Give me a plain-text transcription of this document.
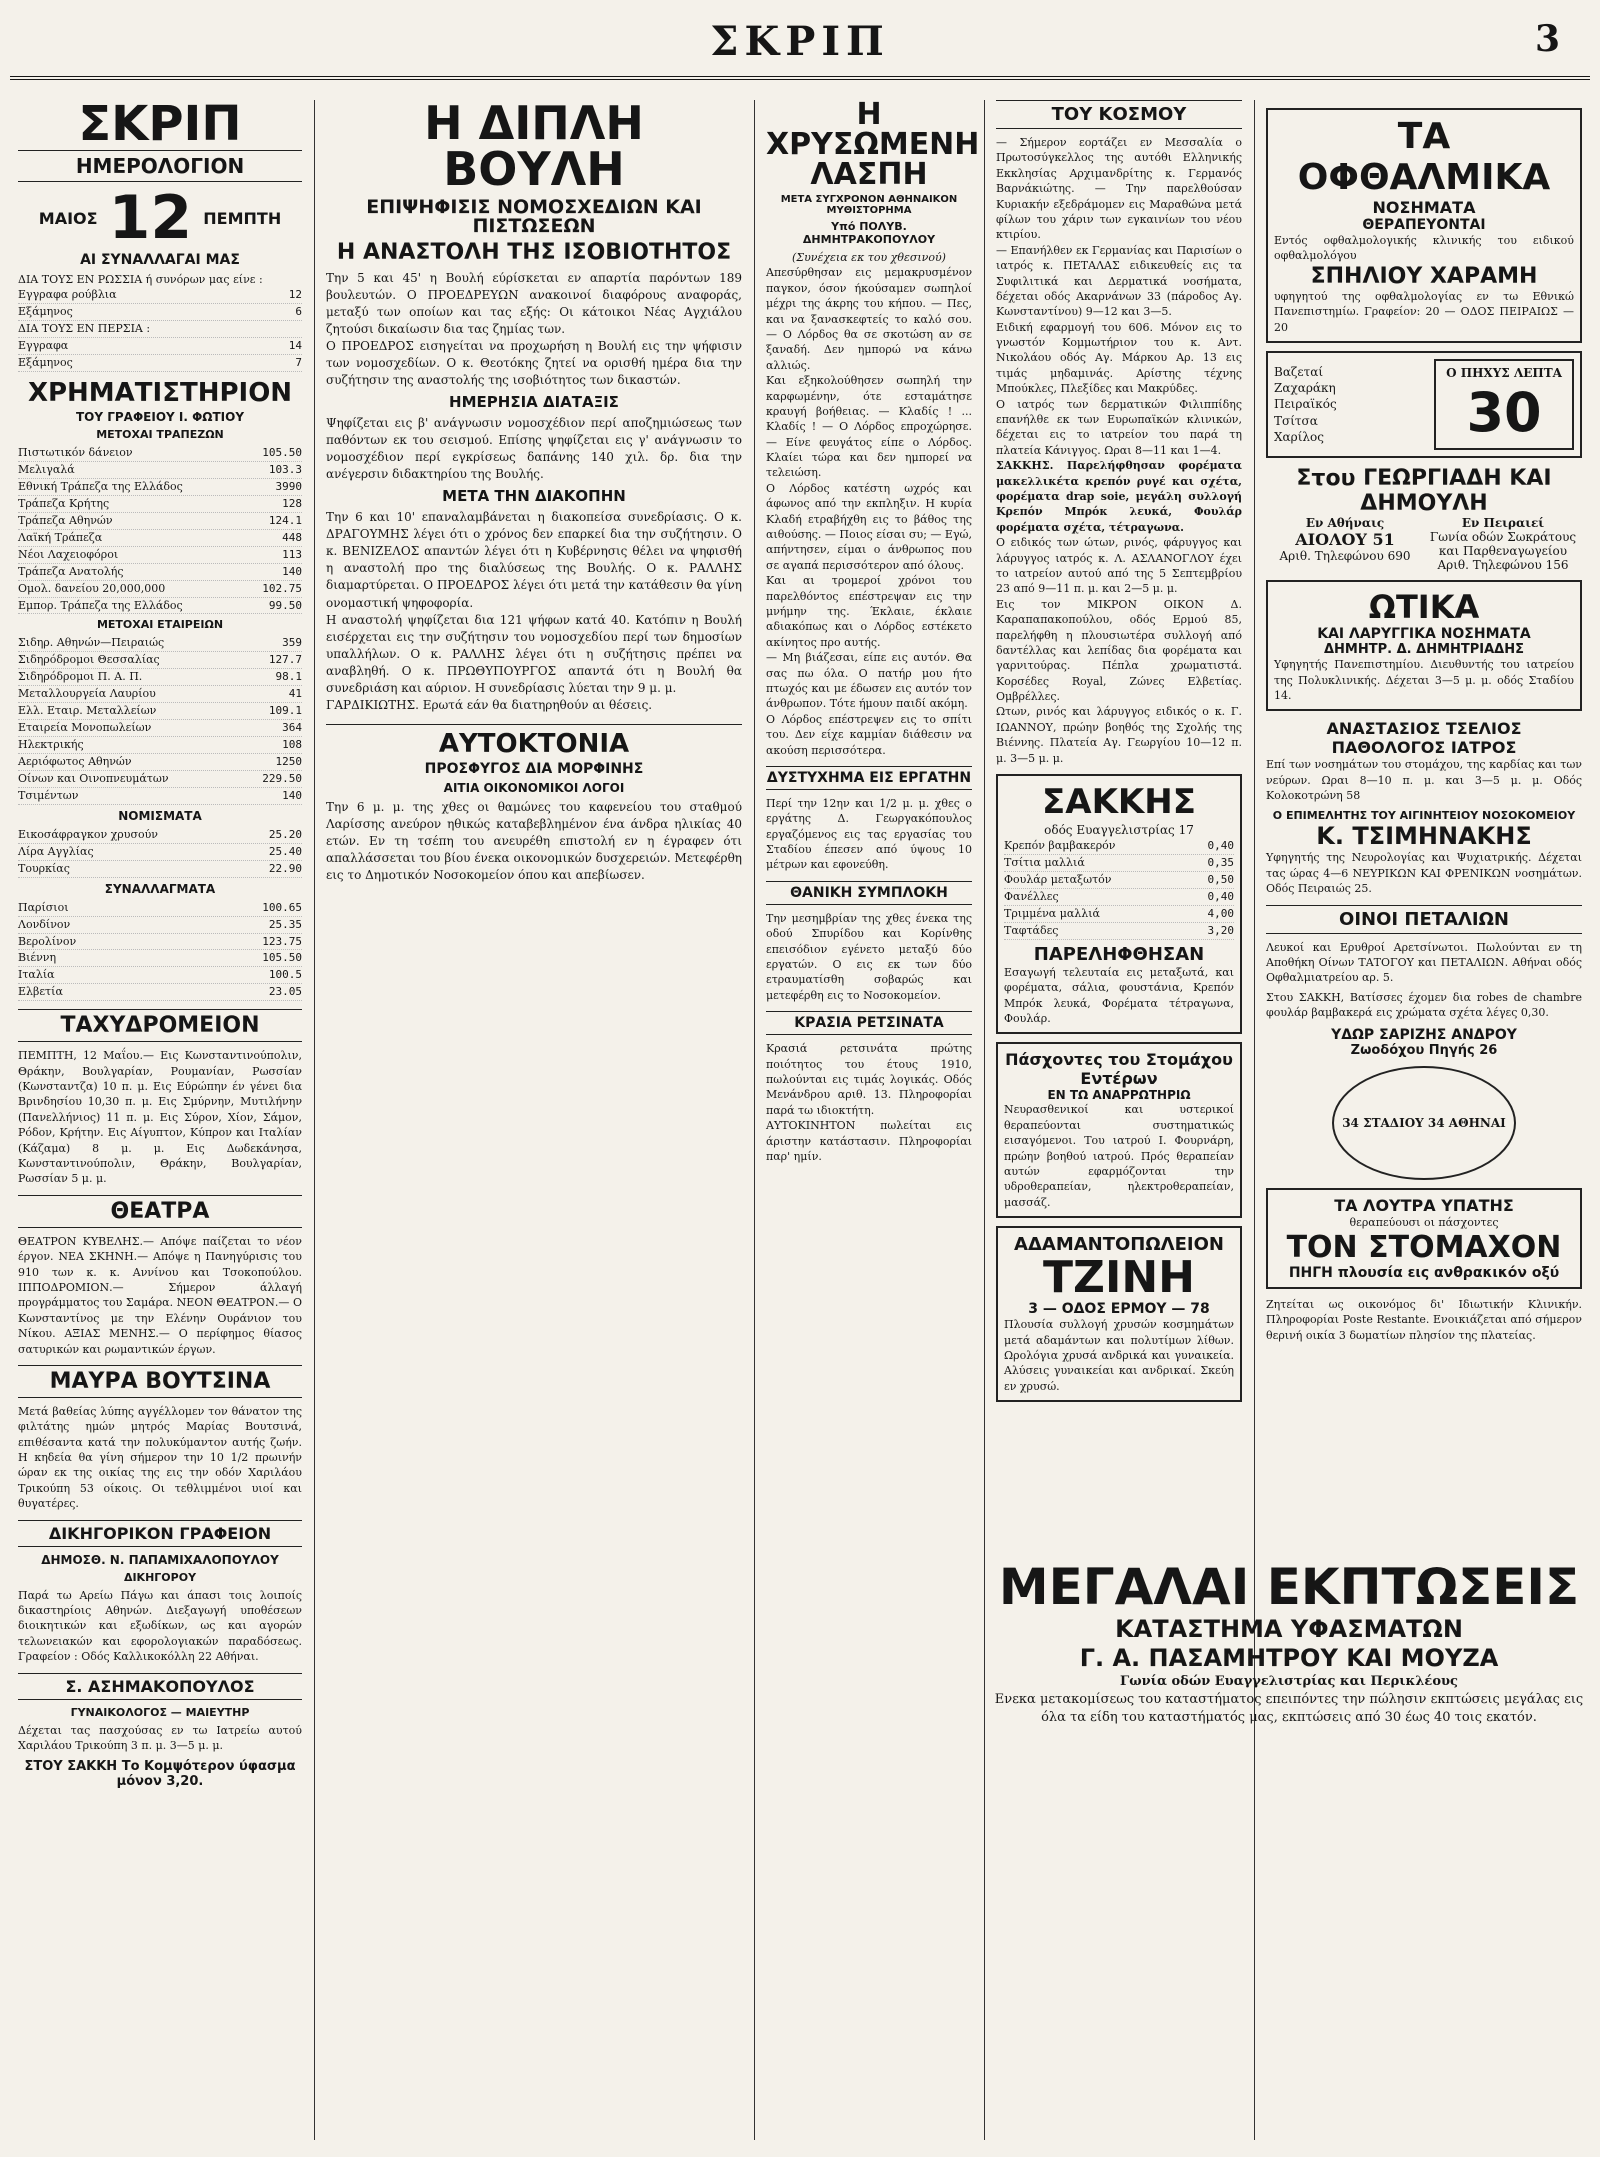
ΣΚΡΙΠ	3
ΣΚΡΙΠ
ΗΜΕΡΟΛΟΓΙΟΝ
ΜΑΙΟΣ 12 ΠΕΜΠΤΗ
ΑΙ ΣΥΝΑΛΛΑΓΑΙ ΜΑΣ
ΔΙΑ ΤΟΥΣ ΕΝ ΡΩΣΣΙΑ ή συνόρων μας είνε :
Εγγραφα ρούβλια	12
Εξάμηνος	6
ΔΙΑ ΤΟΥΣ ΕΝ ΠΕΡΣΙΑ :
Εγγραφα	14
Εξάμηνος	7
ΧΡΗΜΑΤΙΣΤΗΡΙΟΝ
ΤΟΥ ΓΡΑΦΕΙΟΥ Ι. ΦΩΤΙΟΥ
ΜΕΤΟΧΑΙ ΤΡΑΠΕΖΩΝ
Πιστωτικόν δάνειον	105.50
Μελιγαλά	103.3
Εθνική Τράπεζα της Ελλάδος	3990
Τράπεζα Κρήτης	128
Τράπεζα Αθηνών	124.1
Λαϊκή Τράπεζα	448
Νέοι Λαχειοφόροι	113
Τράπεζα Ανατολής	140
Ομολ. δανείου 20,000,000	102.75
Εμπορ. Τράπεζα της Ελλάδος	99.50
ΜΕΤΟΧΑΙ ΕΤΑΙΡΕΙΩΝ
Σιδηρ. Αθηνών—Πειραιώς	359
Σιδηρόδρομοι Θεσσαλίας	127.7
Σιδηρόδρομοι Π. Α. Π.	98.1
Μεταλλουργεία Λαυρίου	41
Ελλ. Εταιρ. Μεταλλείων	109.1
Εταιρεία Μονοπωλείων	364
Ηλεκτρικής	108
Αεριόφωτος Αθηνών	1250
Οίνων και Οινοπνευμάτων	229.50
Τσιμέντων	140
ΝΟΜΙΣΜΑΤΑ
Εικοσάφραγκον χρυσούν	25.20
Λίρα Αγγλίας	25.40
Τουρκίας	22.90
ΣΥΝΑΛΛΑΓΜΑΤΑ
Παρίσιοι	100.65
Λονδίνον	25.35
Βερολίνον	123.75
Βιέννη	105.50
Ιταλία	100.5
Ελβετία	23.05
ΤΑΧΥΔΡΟΜΕΙΟΝ
ΠΕΜΠΤΗ, 12 Μαΐου.— Εις Κωνσταντινούπολιν, Θράκην, Βουλγαρίαν, Ρουμανίαν, Ρωσσίαν (Κωνσταντζα) 10 π. μ. Εις Εύρώπην έν γένει δια Βρινδησίου 10,30 π. μ. Εις Σμύρνην, Μυτιλήνην (Πανελλήνιος) 11 π. μ. Εις Σύρον, Χίον, Σάμον, Ρόδον, Κρήτην. Εις Αίγυπτον, Κύπρον και Ιταλίαν (Κάζαμα) 8 μ. μ. Εις Δωδεκάνησα, Κωνσταντινούπολιν, Θράκην, Βουλγαρίαν, Ρωσσίαν 5 μ. μ.
ΘΕΑΤΡΑ
ΘΕΑΤΡΟΝ ΚΥΒΕΛΗΣ.— Απόψε παίζεται το νέον έργον. ΝΕΑ ΣΚΗΝΗ.— Απόψε η Πανηγύρισις του 910 των κ. κ. Αννίνου και Τσοκοπούλου. ΙΠΠΟΔΡΟΜΙΟΝ.— Σήμερον άλλαγή προγράμματος του Σαμάρα. ΝΕΟΝ ΘΕΑΤΡΟΝ.— Ο Κωνσταντίνος με την Ελένην Ουράνιον του Νίκου. ΑΞΙΑΣ ΜΕΝΗΣ.— Ο περίφημος θίασος σατυρικών και ρωμαντικών έργων.
ΜΑΥΡΑ ΒΟΥΤΣΙΝΑ
Μετά βαθείας λύπης αγγέλλομεν τον θάνατον της φιλτάτης ημών μητρός Μαρίας Βουτσινά, επιθέσαντα κατά την πολυκύμαντον αυτής ζωήν. Η κηδεία θα γίνη σήμερον την 10 1/2 πρωινήν ώραν εκ της οικίας της εις την οδόν Χαριλάου Τρικούπη 53 οίκοις. Οι τεθλιμμένοι υιοί και θυγατέρες.
ΔΙΚΗΓΟΡΙΚΟΝ ΓΡΑΦΕΙΟΝ
ΔΗΜΟΣΘ. Ν. ΠΑΠΑΜΙΧΑΛΟΠΟΥΛΟΥ
ΔΙΚΗΓΟΡΟΥ
Παρά τω Αρείω Πάγω και άπασι τοις λοιποίς δικαστηρίοις Αθηνών. Διεξαγωγή υποθέσεων διοικητικών και εξωδίκων, ως και αγορών τελωνειακών και εφορολογιακών παραδόσεως. Γραφείον : Οδός Καλλικοκόλλη 22 Αθήναι.
Σ. ΑΣΗΜΑΚΟΠΟΥΛΟΣ
ΓΥΝΑΙΚΟΛΟΓΟΣ — ΜΑΙΕΥΤΗΡ
Δέχεται τας πασχούσας εν τω Ιατρείω αυτού Χαριλάου Τρικούπη 3 π. μ. 3—5 μ. μ.
ΣΤΟΥ ΣΑΚΚΗ Το Κομψότερον ύφασμα μόνον 3,20.
Η ΔΙΠΛΗ ΒΟΥΛΗ
ΕΠΙΨΗΦΙΣΙΣ ΝΟΜΟΣΧΕΔΙΩΝ ΚΑΙ ΠΙΣΤΩΣΕΩΝ
Η ΑΝΑΣΤΟΛΗ ΤΗΣ ΙΣΟΒΙΟΤΗΤΟΣ
Την 5 και 45' η Βουλή εύρίσκεται εν απαρτία παρόντων 189 βουλευτών. Ο ΠΡΟΕΔΡΕΥΩΝ ανακοινοί διαφόρους αναφοράς, μεταξύ των οποίων και τας εξής: Οι κάτοικοι Νέας Αγχιάλου ζητούσι δικαίωσιν δια τας ζημίας των.
Ο ΠΡΟΕΔΡΟΣ εισηγείται να προχωρήση η Βουλή εις την ψήφισιν των νομοσχεδίων. Ο κ. Θεοτόκης ζητεί να ορισθή ημέρα δια την συζήτησιν της αναστολής της ισοβιότητος των δικαστών.
ΗΜΕΡΗΣΙΑ ΔΙΑΤΑΞΙΣ
Ψηφίζεται εις β' ανάγνωσιν νομοσχέδιον περί αποζημιώσεως των παθόντων εκ του σεισμού. Επίσης ψηφίζεται εις γ' ανάγνωσιν το νομοσχέδιον περί εγκρίσεως δαπάνης 140 χιλ. δρ. δια την ανέγερσιν διδακτηρίου της Βουλής.
ΜΕΤΑ ΤΗΝ ΔΙΑΚΟΠΗΝ
Την 6 και 10' επαναλαμβάνεται η διακοπείσα συνεδρίασις. Ο κ. ΔΡΑΓΟΥΜΗΣ λέγει ότι ο χρόνος δεν επαρκεί δια την συζήτησιν. Ο κ. ΒΕΝΙΖΕΛΟΣ απαντών λέγει ότι η Κυβέρνησις θέλει να ψηφισθή η αναστολή προ της διαλύσεως της Βουλής. Ο κ. ΡΑΛΛΗΣ διαμαρτύρεται. Ο ΠΡΟΕΔΡΟΣ λέγει ότι μετά την κατάθεσιν θα γίνη ονομαστική ψηφοφορία.
Η αναστολή ψηφίζεται δια 121 ψήφων κατά 40. Κατόπιν η Βουλή εισέρχεται εις την συζήτησιν του νομοσχεδίου περί των δημοσίων υπαλλήλων. Ο κ. ΡΑΛΛΗΣ λέγει ότι η συζήτησις πρέπει να αναβληθή. Ο κ. ΠΡΩΘΥΠΟΥΡΓΟΣ απαντά ότι η Βουλή θα συνεδριάση και αύριον. Η συνεδρίασις λύεται την 9 μ. μ.
ΓΑΡΔΙΚΙΩΤΗΣ. Ερωτά εάν θα διατηρηθούν αι θέσεις.
ΑΥΤΟΚΤΟΝΙΑ
ΠΡΟΣΦΥΓΟΣ ΔΙΑ ΜΟΡΦΙΝΗΣ
ΑΙΤΙΑ ΟΙΚΟΝΟΜΙΚΟΙ ΛΟΓΟΙ
Την 6 μ. μ. της χθες οι θαμώνες του καφενείου του σταθμού Λαρίσσης ανεύρον ηθικώς καταβεβλημένον ένα άνδρα ηλικίας 40 ετών. Εν τη τσέπη του ανευρέθη επιστολή εν η έγραφεν ότι απαλλάσσεται του βίου ένεκα οικονομικών δυσχερειών. Μετεφέρθη εις το Δημοτικόν Νοσοκομείον όπου και απεβίωσεν.
Η ΧΡΥΣΩΜΕΝΗ ΛΑΣΠΗ
ΜΕΤΑ ΣΥΓΧΡΟΝΟΝ ΑΘΗΝΑΙΚΟΝ ΜΥΘΙΣΤΟΡΗΜΑ
Υπό ΠΟΛΥΒ. ΔΗΜΗΤΡΑΚΟΠΟΥΛΟΥ
(Συνέχεια εκ του χθεσινού)
Απεσύρθησαν εις μεμακρυσμένον παγκον, όσον ήκούσαμεν σωπηλοί μέχρι της άκρης του κήπου. — Πες, και να ξανασκεφτείς το καλό σου. — Ο Λόρδος θα σε σκοτώση αν σε ξαναδή. Δεν ημπορώ να κάνω αλλιώς.
Και εξηκολούθησεν σωπηλή την καρφωμένην, ότε εσταμάτησε κραυγή βοήθειας. — Κλαδίς ! ... Κλαδίς ! — Ο Λόρδος επροχώρησε. — Είνε φευγάτος είπε ο Λόρδος. Κλαίει τώρα και δεν ημπορεί να τελειώση.
Ο Λόρδος κατέστη ωχρός και άφωνος από την εκπληξιν. Η κυρία Κλαδή ετραβήχθη εις το βάθος της αιθούσης. — Ποιος είσαι συ; — Εγώ, απήντησεν, είμαι ο άνθρωπος που σε αγαπά περισσότερον από όλους.
Και αι τρομεροί χρόνοι του παρελθόντος επέστρεψαν εις την μνήμην της. Έκλαιε, έκλαιε αδιακόπως και ο Λόρδος εστέκετο ακίνητος προ αυτής.
— Μη βιάζεσαι, είπε εις αυτόν. Θα σας πω όλα. Ο πατήρ μου ήτο πτωχός και με έδωσεν εις αυτόν τον άνθρωπον. Τότε ήμουν παιδί ακόμη.
Ο Λόρδος επέστρεψεν εις το σπίτι του. Δεν είχε καμμίαν διάθεσιν να ακούση περισσότερα.
ΔΥΣΤΥΧΗΜΑ ΕΙΣ ΕΡΓΑΤΗΝ
Περί την 12ην και 1/2 μ. μ. χθες ο εργάτης Δ. Γεωργακόπουλος εργαζόμενος εις τας εργασίας του Σταδίου έπεσεν από ύψους 10 μέτρων και εφονεύθη.
ΘΑΝΙΚΗ ΣΥΜΠΛΟΚΗ
Την μεσημβρίαν της χθες ένεκα της οδού Σπυρίδου και Κορίνθης επεισόδιον εγένετο μεταξύ δύο εργατών. Ο εις εκ των δύο ετραυματίσθη σοβαρώς και μετεφέρθη εις το Νοσοκομείον.
ΚΡΑΣΙΑ ΡΕΤΣΙΝΑΤΑ
Κρασιά ρετσινάτα πρώτης ποιότητος του έτους 1910, πωλούνται εις τιμάς λογικάς. Οδός Μενάνδρου αριθ. 13. Πληροφορίαι παρά τω ιδιοκτήτη.
ΑΥΤΟΚΙΝΗΤΟΝ πωλείται εις άριστην κατάστασιν. Πληροφορίαι παρ' ημίν.
ΤΟΥ ΚΟΣΜΟΥ
— Σήμερον εορτάζει εν Μεσσαλία ο Πρωτοσύγκελλος της αυτόθι Ελληνικής Εκκλησίας Αρχιμανδρίτης κ. Γερμανός Βαρνάκιώτης. — Την παρελθούσαν Κυριακήν εξεδράμομεν εις Μαραθώνα μετά φίλων του χάριν των εγκαινίων του νέου κτιρίου.
— Επανήλθεν εκ Γερμανίας και Παρισίων ο ιατρός κ. ΠΕΤΑΛΑΣ ειδικευθείς εις τα Συφιλιτικά και Δερματικά νοσήματα, δέχεται οδός Ακαρνάνων 33 (πάροδος Αγ. Κωνσταντίνου) 9—12 και 3—5.
Ειδική εφαρμογή του 606. Μόνον εις το γνωστόν Κομμωτήριον του κ. Αντ. Νικολάου οδός Αγ. Μάρκου Αρ. 13 εις τιμάς μηδαμινάς. Αρίστης τέχνης Μπούκλες, Πλεξίδες και Μακρύδες.
Ο ιατρός των δερματικών Φιλιππίδης επανήλθε εκ των Ευρωπαϊκών κλινικών, δέχεται εις το ιατρείον του παρά τη πλατεία Κάνιγγος. Ωραι 8—11 και 1—4.
ΣΑΚΚΗΣ. Παρελήφθησαν φορέματα μακελλικέτα κρεπόν ρυγέ και σχέτα, φορέματα drap soie, μεγάλη συλλογή Κρεπόν Μπρόκ λευκά, Φουλάρ φορέματα σχέτα, τέτραγωνα.
Ο ειδικός των ώτων, ρινός, φάρυγγος και λάρυγγος ιατρός κ. Λ. ΑΣΛΑΝΟΓΛΟΥ έχει το ιατρείον αυτού από της 5 Σεπτεμβρίου 23 από 9—11 π. μ. και 2—5 μ. μ.
Εις τον ΜΙΚΡΟΝ ΟΙΚΟΝ Δ. Καραπαπακοπούλου, οδός Ερμού 85, παρελήφθη η πλουσιωτέρα συλλογή από δαντέλλας και λεπίδας δια φορέματα και γαρνιτούρας. Πέπλα χρωματιστά. Κορσέδες Royal, Ζώνες Ελβετίας. Ομβρέλλες.
Ωτων, ρινός και λάρυγγος ειδικός ο κ. Γ. ΙΩΑΝΝΟΥ, πρώην βοηθός της Σχολής της Βιέννης. Πλατεία Αγ. Γεωργίου 10—12 π. μ. 3—5 μ. μ.
ΣΑΚΚΗΣ
οδός Ευαγγελιστρίας 17
Κρεπόν βαμβακερόν	0,40
Τσίτια μαλλιά	0,35
Φουλάρ μεταξωτόν	0,50
Φανέλλες	0,40
Τριμμένα μαλλιά	4,00
Ταφτάδες	3,20
ΠΑΡΕΛΗΦΘΗΣΑΝ
Εσαγωγή τελευταία εις μεταξωτά, και φορέματα, σάλια, φουστάνια, Κρεπόν Μπρόκ λευκά, Φορέματα τέτραγωνα, Φουλάρ.
Πάσχοντες του Στομάχου Εντέρων
ΕΝ ΤΩ ΑΝΑΡΡΩΤΗΡΙΩ
Νευρασθενικοί και υστερικοί θεραπεύονται συστηματικώς εισαγόμενοι. Του ιατρού Ι. Φουρνάρη, πρώην βοηθού ιατρού. Πρός θεραπείαν αυτών εφαρμόζονται την υδροθεραπείαν, ηλεκτροθεραπείαν, μασσάζ.
ΑΔΑΜΑΝΤΟΠΩΛΕΙΟΝ
ΤΖΙΝΗ
3 — ΟΔΟΣ ΕΡΜΟΥ — 78
Πλουσία συλλογή χρυσών κοσμημάτων μετά αδαμάντων και πολυτίμων λίθων. Ωρολόγια χρυσά ανδρικά και γυναικεία. Αλύσεις γυναικείαι και ανδρικαί. Σκεύη εν χρυσώ.
ΤΑ ΟΦΘΑΛΜΙΚΑ
ΝΟΣΗΜΑΤΑ
ΘΕΡΑΠΕΥΟΝΤΑΙ
Εντός οφθαλμολογικής κλινικής του ειδικού οφθαλμολόγου
ΣΠΗΛΙΟΥ ΧΑΡΑΜΗ
υφηγητού της οφθαλμολογίας εν τω Εθνικώ Πανεπιστημίω. Γραφείον: 20 — ΟΔΟΣ ΠΕΙΡΑΙΩΣ — 20
Βαζεταί
Ζαχαράκη
Πειραϊκός
Τσίτσα
Χαρίλος
Ο ΠΗΧΥΣ ΛΕΠΤΑ
30
Στου ΓΕΩΡΓΙΑΔΗ ΚΑΙ ΔΗΜΟΥΛΗ
Εν Αθήναις
ΑΙΟΛΟΥ 51
Αριθ. Τηλεφώνου 690
Εν Πειραιεί
Γωνία οδών Σωκράτους και Παρθεναγωγείου
Αριθ. Τηλεφώνου 156
ΩΤΙΚΑ
ΚΑΙ ΛΑΡΥΓΓΙΚΑ ΝΟΣΗΜΑΤΑ
ΔΗΜΗΤΡ. Δ. ΔΗΜΗΤΡΙΑΔΗΣ
Υφηγητής Πανεπιστημίου. Διευθυντής του ιατρείου της Πολυκλινικής. Δέχεται 3—5 μ. μ. οδός Σταδίου 14.
ΑΝΑΣΤΑΣΙΟΣ ΤΣΕΛΙΟΣ
ΠΑΘΟΛΟΓΟΣ ΙΑΤΡΟΣ
Επί των νοσημάτων του στομάχου, της καρδίας και των νεύρων. Ωραι 8—10 π. μ. και 3—5 μ. μ. Οδός Κολοκοτρώνη 58
Ο ΕΠΙΜΕΛΗΤΗΣ ΤΟΥ ΑΙΓΙΝΗΤΕΙΟΥ ΝΟΣΟΚΟΜΕΙΟΥ
Κ. ΤΣΙΜΗΝΑΚΗΣ
Υφηγητής της Νευρολογίας και Ψυχιατρικής. Δέχεται τας ώρας 4—6 ΝΕΥΡΙΚΩΝ ΚΑΙ ΦΡΕΝΙΚΩΝ νοσημάτων. Οδός Πειραιώς 25.
ΟΙΝΟΙ ΠΕΤΑΛΙΩΝ
Λευκοί και Ερυθροί Αρετσίνωτοι. Πωλούνται εν τη Αποθήκη Οίνων ΤΑΤΟΓΟΥ και ΠΕΤΑΛΙΩΝ. Αθήναι οδός Οφθαλμιατρείου αρ. 5.
Στου ΣΑΚΚΗ, Βατίσσες έχομεν δια robes de chambre φουλάρ βαμβακερά εις χρώματα σχέτα λέγες 0,30.
ΥΔΩΡ ΣΑΡΙΖΗΣ ΑΝΔΡΟΥ
Ζωοδόχου Πηγής 26
34 ΣΤΑΔΙΟΥ 34 ΑΘΗΝΑΙ
ΤΑ ΛΟΥΤΡΑ ΥΠΑΤΗΣ
θεραπεύουσι οι πάσχοντες
ΤΟΝ ΣΤΟΜΑΧΟΝ
ΠΗΓΗ πλουσία εις ανθρακικόν οξύ
Ζητείται ως οικονόμος δι' Ιδιωτικήν Κλινικήν. Πληροφορίαι Poste Restante. Ενοικιάζεται από σήμερον θερινή οικία 3 δωματίων πλησίον της πλατείας.
ΜΕΓΑΛΑΙ ΕΚΠΤΩΣΕΙΣ
ΚΑΤΑΣΤΗΜΑ ΥΦΑΣΜΑΤΩΝ
Γ. Α. ΠΑΣΑΜΗΤΡΟΥ ΚΑΙ ΜΟΥΖΑ
Γωνία οδών Ευαγγελιστρίας και Περικλέους
Ενεκα μετακομίσεως του καταστήματος επειπόντες την πώλησιν εκπτώσεις μεγάλας εις όλα τα είδη του καταστήματός μας, εκπτώσεις από 30 έως 40 τοις εκατόν.
